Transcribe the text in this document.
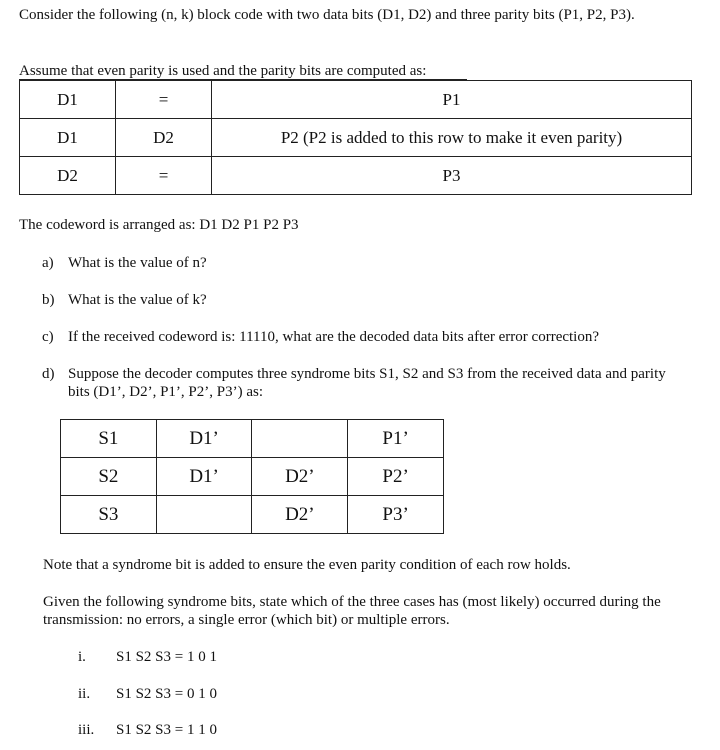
Consider the following (n, k) block code with two data bits (D1, D2) and three parity bits (P1, P2, P3).
Assume that even parity is used and the parity bits are computed as:
D1	=	P1
D1	D2	P2 (P2 is added to this row to make it even parity)
D2	=	P3
The codeword is arranged as: D1 D2 P1 P2 P3
a) What is the value of n?
b) What is the value of k?
c) If the received codeword is: 11110, what are the decoded data bits after error correction?
d) Suppose the decoder computes three syndrome bits S1, S2 and S3 from the received data and parity bits (D1’, D2’, P1’, P2’, P3’) as:
S1	D1’		P1’
S2	D1’	D2’	P2’
S3		D2’	P3’
Note that a syndrome bit is added to ensure the even parity condition of each row holds.
Given the following syndrome bits, state which of the three cases has (most likely) occurred during the transmission: no errors, a single error (which bit) or multiple errors.
i. S1 S2 S3 = 1 0 1
ii. S1 S2 S3 = 0 1 0
iii. S1 S2 S3 = 1 1 0
